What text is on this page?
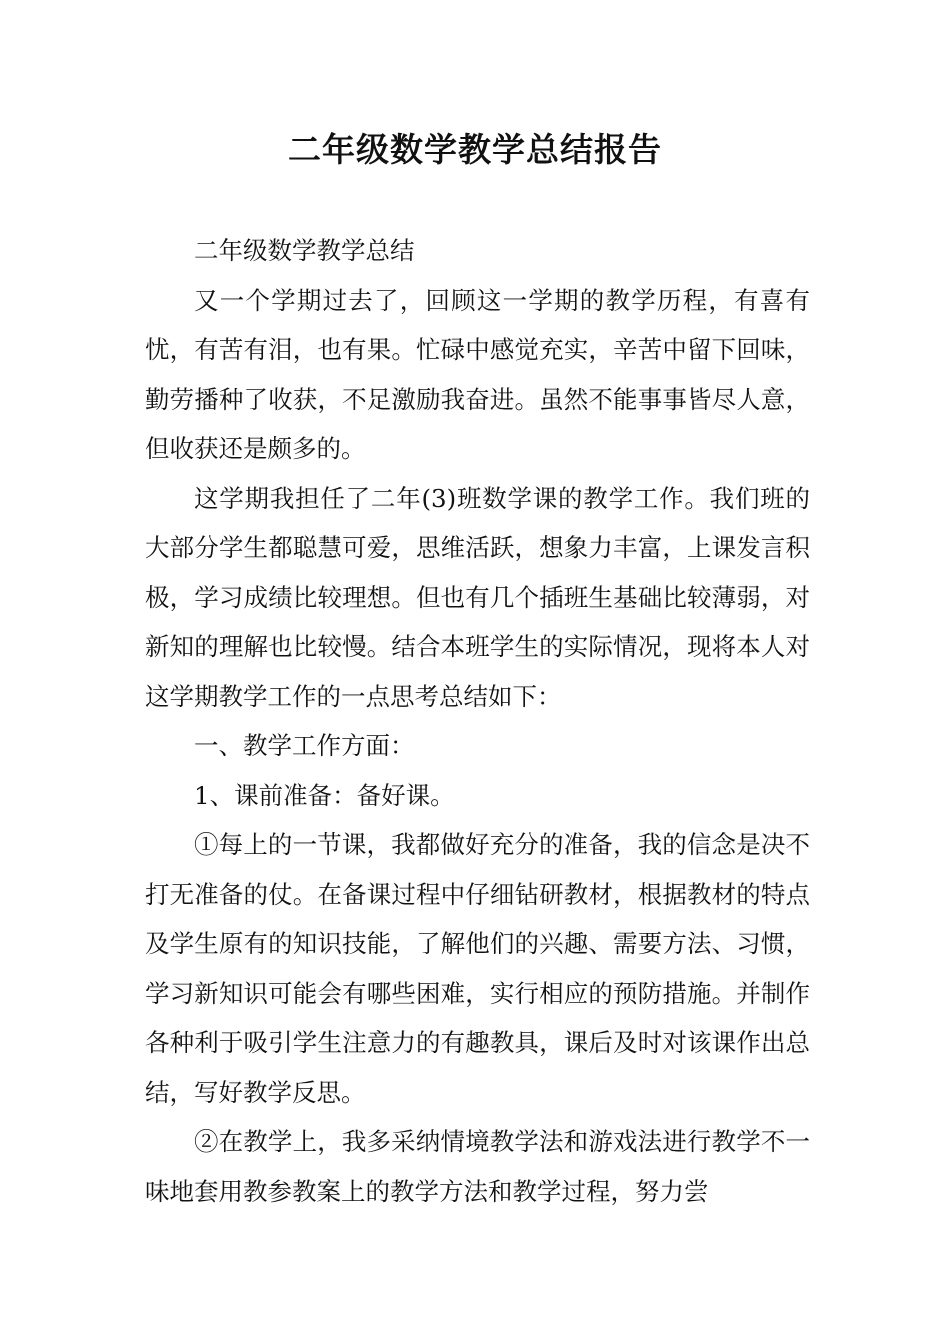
二年级数学教学总结报告

二年级数学教学总结

又一个学期过去了，回顾这一学期的教学历程，有喜有忧，有苦有泪，也有果。忙碌中感觉充实，辛苦中留下回味，勤劳播种了收获，不足激励我奋进。虽然不能事事皆尽人意，但收获还是颇多的。

这学期我担任了二年(3)班数学课的教学工作。我们班的大部分学生都聪慧可爱，思维活跃，想象力丰富，上课发言积极，学习成绩比较理想。但也有几个插班生基础比较薄弱，对新知的理解也比较慢。结合本班学生的实际情况，现将本人对这学期教学工作的一点思考总结如下：

一、教学工作方面：

1、课前准备：备好课。

①每上的一节课，我都做好充分的准备，我的信念是决不打无准备的仗。在备课过程中仔细钻研教材，根据教材的特点及学生原有的知识技能，了解他们的兴趣、需要方法、习惯，学习新知识可能会有哪些困难，实行相应的预防措施。并制作各种利于吸引学生注意力的有趣教具，课后及时对该课作出总结，写好教学反思。

②在教学上，我多采纳情境教学法和游戏法进行教学不一味地套用教参教案上的教学方法和教学过程，努力尝
